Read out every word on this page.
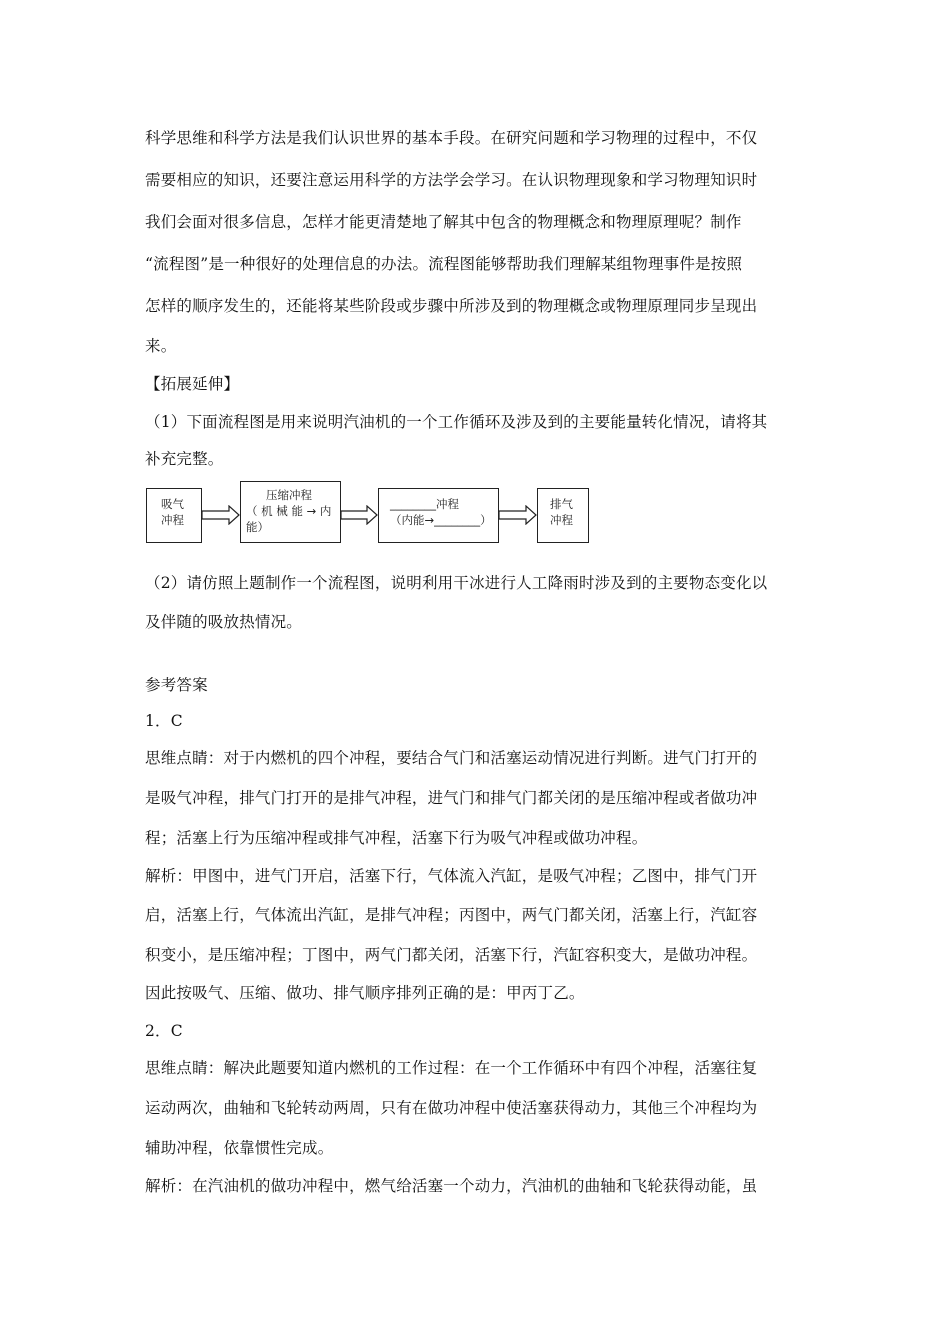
科学思维和科学方法是我们认识世界的基本手段。在研究问题和学习物理的过程中，不仅
需要相应的知识，还要注意运用科学的方法学会学习。在认识物理现象和学习物理知识时
我们会面对很多信息，怎样才能更清楚地了解其中包含的物理概念和物理原理呢？制作
“流程图”是一种很好的处理信息的办法。流程图能够帮助我们理解某组物理事件是按照
怎样的顺序发生的，还能将某些阶段或步骤中所涉及到的物理概念或物理原理同步呈现出
来。
【拓展延伸】
（1）下面流程图是用来说明汽油机的一个工作循环及涉及到的主要能量转化情况，请将其
补充完整。
吸气
冲程
压缩冲程
（ 机 械 能 → 内
能）
________冲程
（内能→________）
排气
冲程
（2）请仿照上题制作一个流程图，说明利用干冰进行人工降雨时涉及到的主要物态变化以
及伴随的吸放热情况。
参考答案
1．C
思维点睛：对于内燃机的四个冲程，要结合气门和活塞运动情况进行判断。进气门打开的
是吸气冲程，排气门打开的是排气冲程，进气门和排气门都关闭的是压缩冲程或者做功冲
程；活塞上行为压缩冲程或排气冲程，活塞下行为吸气冲程或做功冲程。
解析：甲图中，进气门开启，活塞下行，气体流入汽缸，是吸气冲程；乙图中，排气门开
启，活塞上行，气体流出汽缸，是排气冲程；丙图中，两气门都关闭，活塞上行，汽缸容
积变小，是压缩冲程；丁图中，两气门都关闭，活塞下行，汽缸容积变大，是做功冲程。
因此按吸气、压缩、做功、排气顺序排列正确的是：甲丙丁乙。
2．C
思维点睛：解决此题要知道内燃机的工作过程：在一个工作循环中有四个冲程，活塞往复
运动两次，曲轴和飞轮转动两周，只有在做功冲程中使活塞获得动力，其他三个冲程均为
辅助冲程，依靠惯性完成。
解析：在汽油机的做功冲程中，燃气给活塞一个动力，汽油机的曲轴和飞轮获得动能，虽
